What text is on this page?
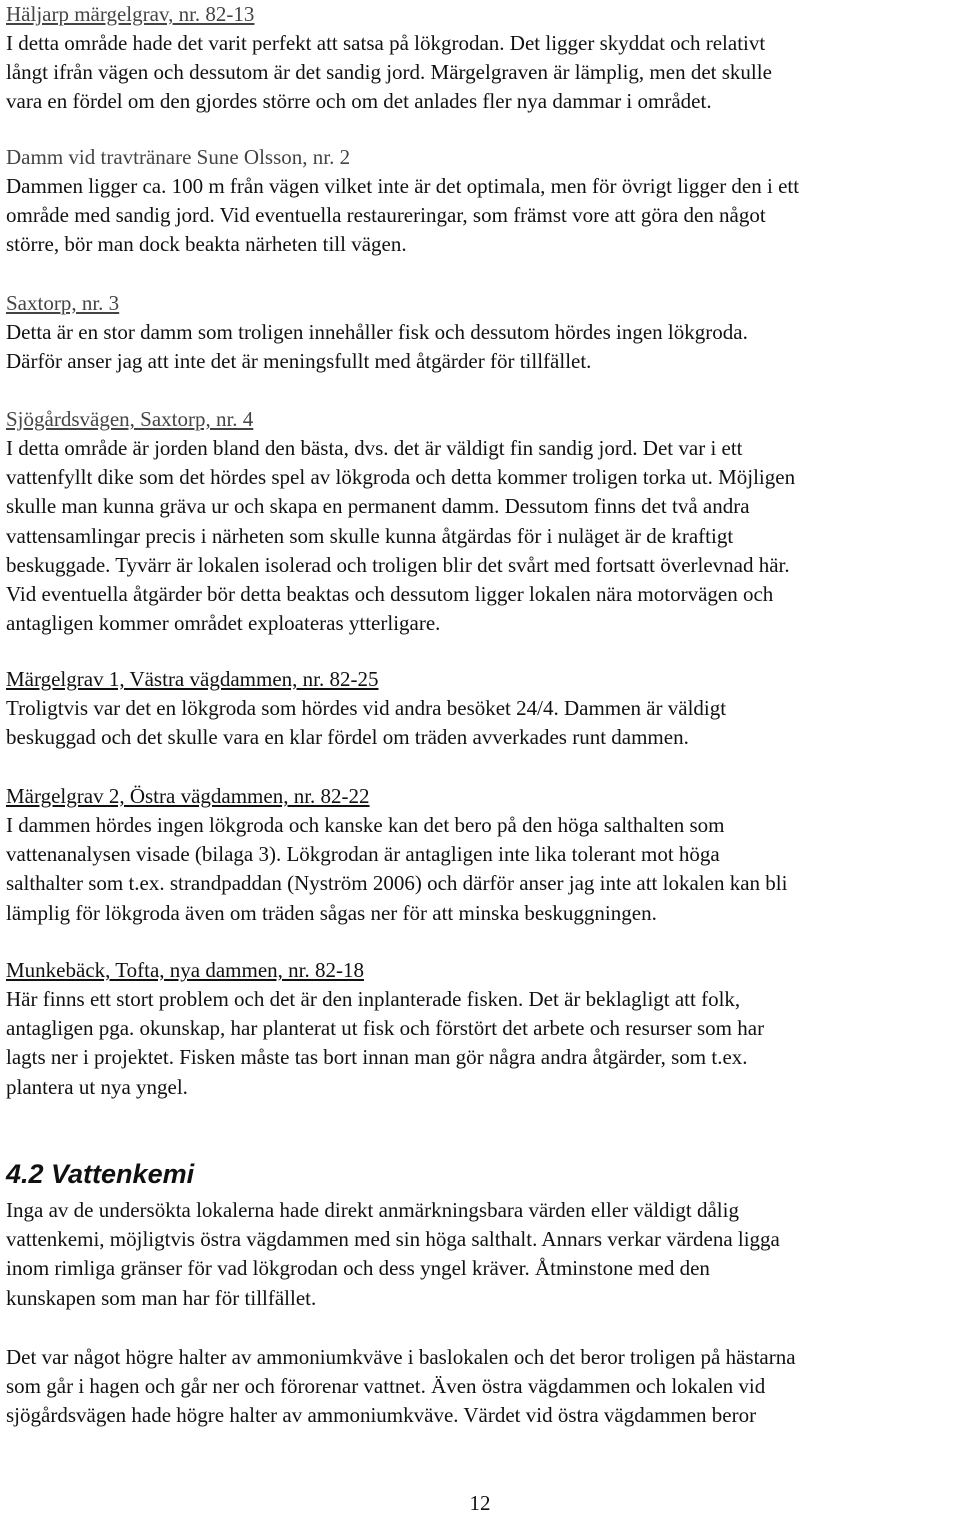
Häljarp märgelgrav, nr. 82-13

I detta område hade det varit perfekt att satsa på lökgrodan. Det ligger skyddat och relativt

långt ifrån vägen och dessutom är det sandig jord. Märgelgraven är lämplig, men det skulle

vara en fördel om den gjordes större och om det anlades fler nya dammar i området.

Damm vid travtränare Sune Olsson, nr. 2

Dammen ligger ca. 100 m från vägen vilket inte är det optimala, men för övrigt ligger den i ett

område med sandig jord. Vid eventuella restaureringar, som främst vore att göra den något

större, bör man dock beakta närheten till vägen.

Saxtorp, nr. 3

Detta är en stor damm som troligen innehåller fisk och dessutom hördes ingen lökgroda.

Därför anser jag att inte det är meningsfullt med åtgärder för tillfället.

Sjögårdsvägen, Saxtorp, nr. 4

I detta område är jorden bland den bästa, dvs. det är väldigt fin sandig jord. Det var i ett

vattenfyllt dike som det hördes spel av lökgroda och detta kommer troligen torka ut. Möjligen

skulle man kunna gräva ur och skapa en permanent damm. Dessutom finns det två andra

vattensamlingar precis i närheten som skulle kunna åtgärdas för i nuläget är de kraftigt

beskuggade. Tyvärr är lokalen isolerad och troligen blir det svårt med fortsatt överlevnad här.

Vid eventuella åtgärder bör detta beaktas och dessutom ligger lokalen nära motorvägen och

antagligen kommer området exploateras ytterligare.

Märgelgrav 1, Västra vägdammen, nr. 82-25

Troligtvis var det en lökgroda som hördes vid andra besöket 24/4. Dammen är väldigt

beskuggad och det skulle vara en klar fördel om träden avverkades runt dammen.

Märgelgrav 2, Östra vägdammen, nr. 82-22

I dammen hördes ingen lökgroda och kanske kan det bero på den höga salthalten som

vattenanalysen visade (bilaga 3). Lökgrodan är antagligen inte lika tolerant mot höga

salthalter som t.ex. strandpaddan (Nyström 2006) och därför anser jag inte att lokalen kan bli

lämplig för lökgroda även om träden sågas ner för att minska beskuggningen.

Munkebäck, Tofta, nya dammen, nr. 82-18

Här finns ett stort problem och det är den inplanterade fisken. Det är beklagligt att folk,

antagligen pga. okunskap, har planterat ut fisk och förstört det arbete och resurser som har

lagts ner i projektet. Fisken måste tas bort innan man gör några andra åtgärder, som t.ex.

plantera ut nya yngel.

4.2 Vattenkemi

Inga av de undersökta lokalerna hade direkt anmärkningsbara värden eller väldigt dålig

vattenkemi, möjligtvis östra vägdammen med sin höga salthalt. Annars verkar värdena ligga

inom rimliga gränser för vad lökgrodan och dess yngel kräver. Åtminstone med den

kunskapen som man har för tillfället.

Det var något högre halter av ammoniumkväve i baslokalen och det beror troligen på hästarna

som går i hagen och går ner och förorenar vattnet. Även östra vägdammen och lokalen vid

sjögårdsvägen hade högre halter av ammoniumkväve. Värdet vid östra vägdammen beror

12
